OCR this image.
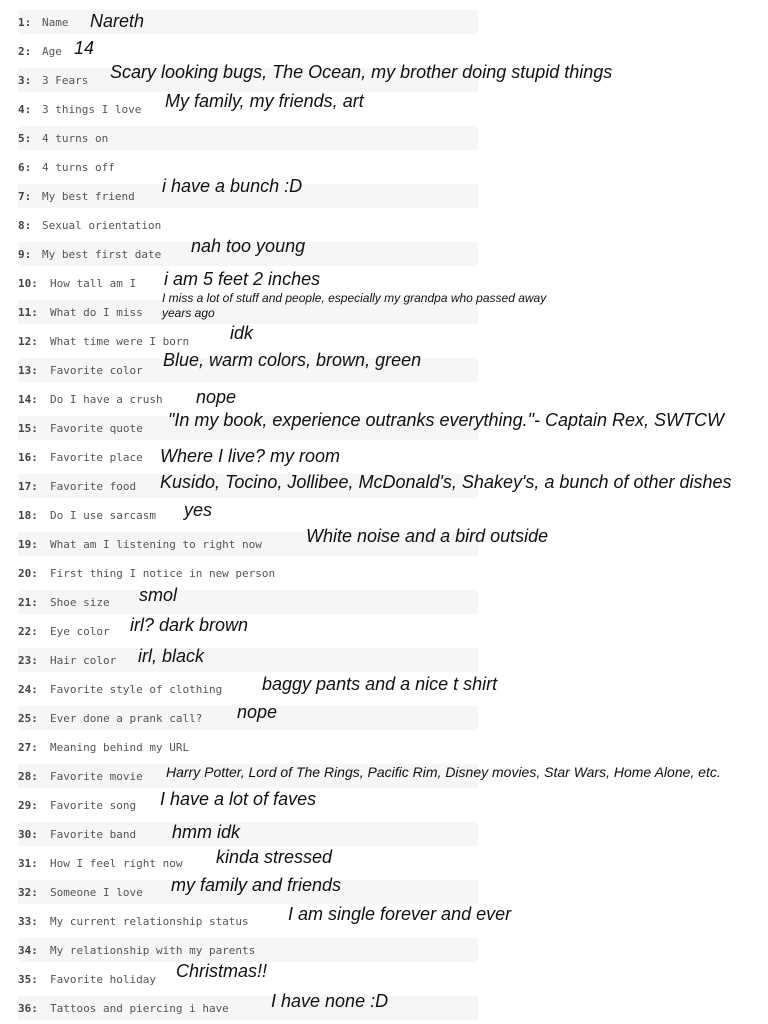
1: Name Nareth
2: Age 14
3: 3 Fears Scary looking bugs, The Ocean, my brother doing stupid things
4: 3 things I love My family, my friends, art
5: 4 turns on
6: 4 turns off
7: My best friend
i have a bunch :D
8: Sexual orientation
9: My best first date nah too young
10: How tall am I i am 5 feet 2 inches
11: What do I miss
I miss a lot of stuff and people, especially my grandpa who passed away years ago
12: What time were I born idk
13: Favorite color
Blue, warm colors, brown, green
14: Do I have a crush nope
15: Favorite quote "In my book, experience outranks everything."- Captain Rex, SWTCW
16: Favorite place Where I live? my room
17: Favorite food Kusido, Tocino, Jollibee, McDonald's, Shakey's, a bunch of other dishes
18: Do I use sarcasm yes
19: What am I listening to right now White noise and a bird outside
20: First thing I notice in new person
21: Shoe size smol
22: Eye color irl? dark brown
23: Hair color irl, black
24: Favorite style of clothing baggy pants and a nice t shirt
25: Ever done a prank call? nope
27: Meaning behind my URL
28: Favorite movie Harry Potter, Lord of The Rings, Pacific Rim, Disney movies, Star Wars, Home Alone, etc.
29: Favorite song I have a lot of faves
30: Favorite band hmm idk
31: How I feel right now kinda stressed
32: Someone I love my family and friends
33: My current relationship status I am single forever and ever
34: My relationship with my parents
35: Favorite holiday Christmas!!
36: Tattoos and piercing i have I have none :D
